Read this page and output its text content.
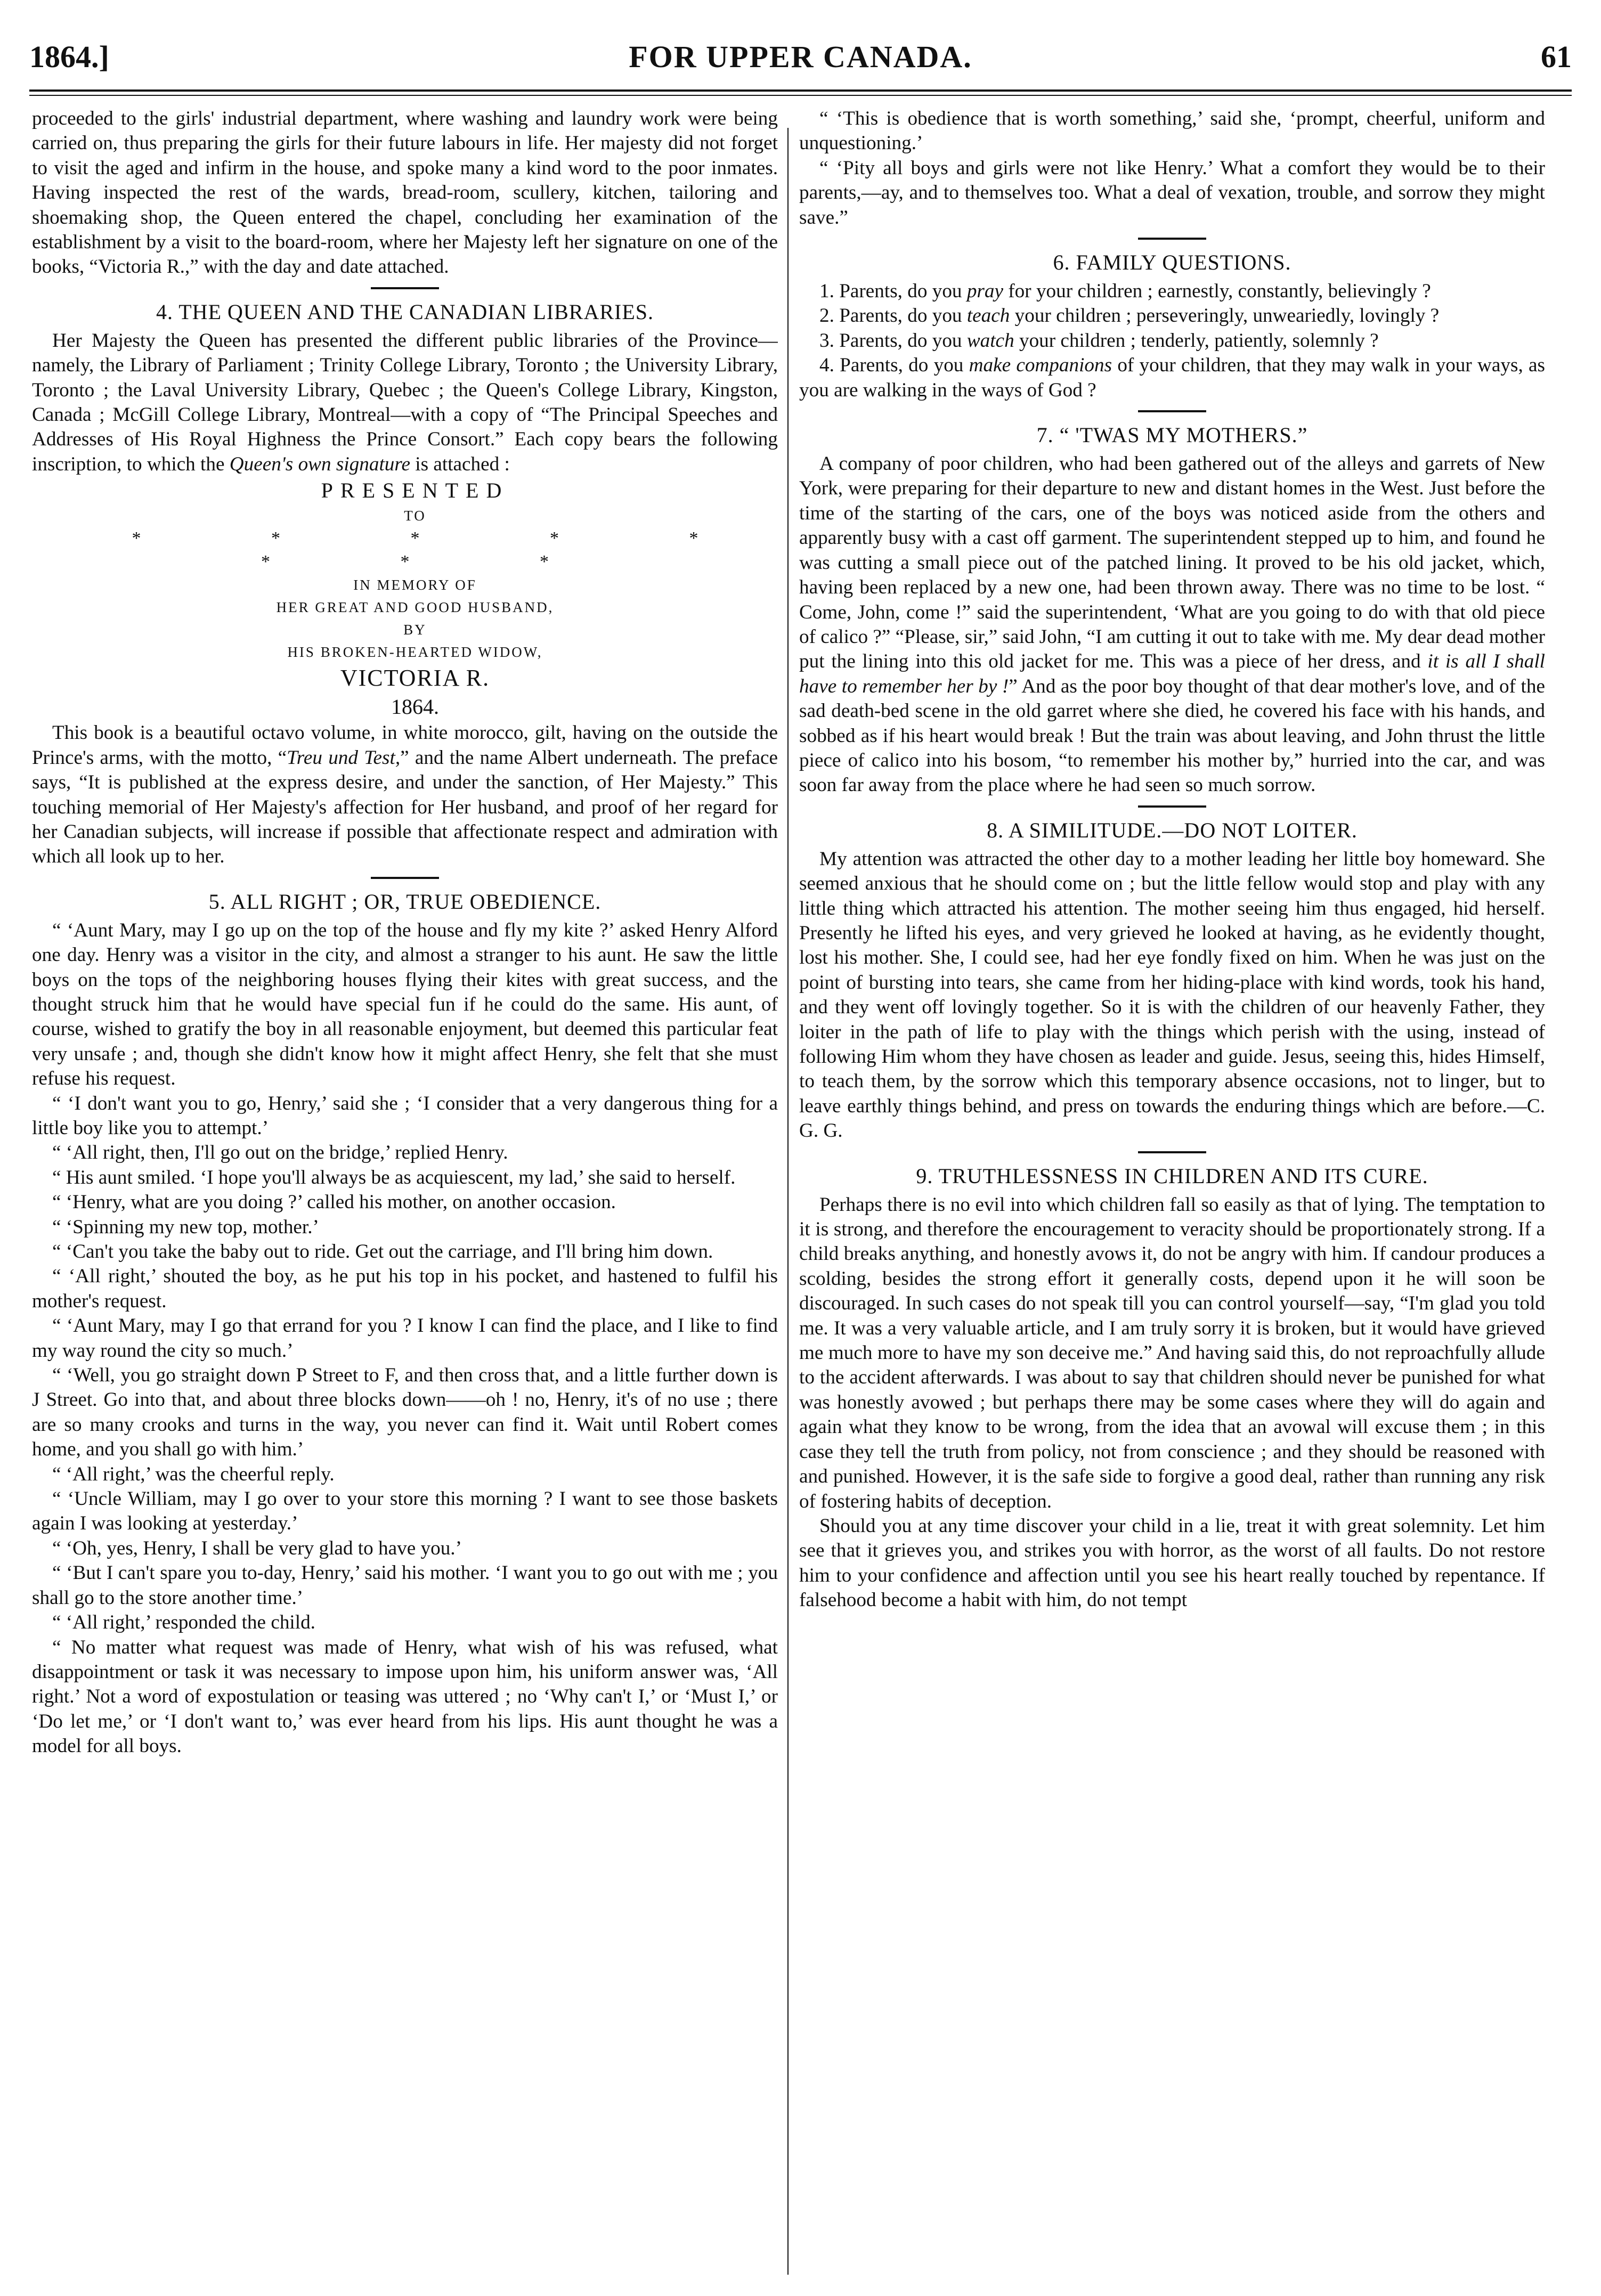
1864.]	FOR UPPER CANADA.	61

proceeded to the girls' industrial department, where washing and laundry work were being carried on, thus preparing the girls for their future labours in life. Her majesty did not forget to visit the aged and infirm in the house, and spoke many a kind word to the poor inmates. Having inspected the rest of the wards, bread-room, scullery, kitchen, tailoring and shoemaking shop, the Queen entered the chapel, concluding her examination of the establishment by a visit to the board-room, where her Majesty left her signature on one of the books, “Victoria R.,” with the day and date attached.

4. THE QUEEN AND THE CANADIAN LIBRARIES.

Her Majesty the Queen has presented the different public libraries of the Province—namely, the Library of Parliament ; Trinity College Library, Toronto ; the University Library, Toronto ; the Laval University Library, Quebec ; the Queen's College Library, Kingston, Canada ; McGill College Library, Montreal—with a copy of “The Principal Speeches and Addresses of His Royal Highness the Prince Consort.” Each copy bears the following inscription, to which the Queen's own signature is attached :

PRESENTED

TO

* * * * * * * *

IN MEMORY OF

HER GREAT AND GOOD HUSBAND,

BY

HIS BROKEN-HEARTED WIDOW,

VICTORIA R.

1864.

This book is a beautiful octavo volume, in white morocco, gilt, having on the outside the Prince's arms, with the motto, “Treu und Test,” and the name Albert underneath. The preface says, “It is published at the express desire, and under the sanction, of Her Majesty.” This touching memorial of Her Majesty's affection for Her husband, and proof of her regard for her Canadian subjects, will increase if possible that affectionate respect and admiration with which all look up to her.

5. ALL RIGHT ; OR, TRUE OBEDIENCE.

“ ‘Aunt Mary, may I go up on the top of the house and fly my kite ?’ asked Henry Alford one day. Henry was a visitor in the city, and almost a stranger to his aunt. He saw the little boys on the tops of the neighboring houses flying their kites with great success, and the thought struck him that he would have special fun if he could do the same. His aunt, of course, wished to gratify the boy in all reasonable enjoyment, but deemed this particular feat very unsafe ; and, though she didn't know how it might affect Henry, she felt that she must refuse his request.

“ ‘I don't want you to go, Henry,’ said she ; ‘I consider that a very dangerous thing for a little boy like you to attempt.’

“ ‘All right, then, I'll go out on the bridge,’ replied Henry.

“ His aunt smiled. ‘I hope you'll always be as acquiescent, my lad,’ she said to herself.

“ ‘Henry, what are you doing ?’ called his mother, on another occasion.

“ ‘Spinning my new top, mother.’

“ ‘Can't you take the baby out to ride. Get out the carriage, and I'll bring him down.

“ ‘All right,’ shouted the boy, as he put his top in his pocket, and hastened to fulfil his mother's request.

“ ‘Aunt Mary, may I go that errand for you ? I know I can find the place, and I like to find my way round the city so much.’

“ ‘Well, you go straight down P Street to F, and then cross that, and a little further down is J Street. Go into that, and about three blocks down——oh ! no, Henry, it's of no use ; there are so many crooks and turns in the way, you never can find it. Wait until Robert comes home, and you shall go with him.’

“ ‘All right,’ was the cheerful reply.

“ ‘Uncle William, may I go over to your store this morning ? I want to see those baskets again I was looking at yesterday.’

“ ‘Oh, yes, Henry, I shall be very glad to have you.’

“ ‘But I can't spare you to-day, Henry,’ said his mother. ‘I want you to go out with me ; you shall go to the store another time.’

“ ‘All right,’ responded the child.

“ No matter what request was made of Henry, what wish of his was refused, what disappointment or task it was necessary to impose upon him, his uniform answer was, ‘All right.’ Not a word of expostulation or teasing was uttered ; no ‘Why can't I,’ or ‘Must I,’ or ‘Do let me,’ or ‘I don't want to,’ was ever heard from his lips. His aunt thought he was a model for all boys.

“ ‘This is obedience that is worth something,’ said she, ‘prompt, cheerful, uniform and unquestioning.’

“ ‘Pity all boys and girls were not like Henry.’ What a comfort they would be to their parents,—ay, and to themselves too. What a deal of vexation, trouble, and sorrow they might save.”

6. FAMILY QUESTIONS.

1. Parents, do you pray for your children ; earnestly, constantly, believingly ?

2. Parents, do you teach your children ; perseveringly, unweariedly, lovingly ?

3. Parents, do you watch your children ; tenderly, patiently, solemnly ?

4. Parents, do you make companions of your children, that they may walk in your ways, as you are walking in the ways of God ?

7. “ 'TWAS MY MOTHERS.”

A company of poor children, who had been gathered out of the alleys and garrets of New York, were preparing for their departure to new and distant homes in the West. Just before the time of the starting of the cars, one of the boys was noticed aside from the others and apparently busy with a cast off garment. The superintendent stepped up to him, and found he was cutting a small piece out of the patched lining. It proved to be his old jacket, which, having been replaced by a new one, had been thrown away. There was no time to be lost. “ Come, John, come !” said the superintendent, ‘What are you going to do with that old piece of calico ?” “Please, sir,” said John, “I am cutting it out to take with me. My dear dead mother put the lining into this old jacket for me. This was a piece of her dress, and it is all I shall have to remember her by !” And as the poor boy thought of that dear mother's love, and of the sad death-bed scene in the old garret where she died, he covered his face with his hands, and sobbed as if his heart would break ! But the train was about leaving, and John thrust the little piece of calico into his bosom, “to remember his mother by,” hurried into the car, and was soon far away from the place where he had seen so much sorrow.

8. A SIMILITUDE.—DO NOT LOITER.

My attention was attracted the other day to a mother leading her little boy homeward. She seemed anxious that he should come on ; but the little fellow would stop and play with any little thing which attracted his attention. The mother seeing him thus engaged, hid herself. Presently he lifted his eyes, and very grieved he looked at having, as he evidently thought, lost his mother. She, I could see, had her eye fondly fixed on him. When he was just on the point of bursting into tears, she came from her hiding-place with kind words, took his hand, and they went off lovingly together. So it is with the children of our heavenly Father, they loiter in the path of life to play with the things which perish with the using, instead of following Him whom they have chosen as leader and guide. Jesus, seeing this, hides Himself, to teach them, by the sorrow which this temporary absence occasions, not to linger, but to leave earthly things behind, and press on towards the enduring things which are before.—C. G. G.

9. TRUTHLESSNESS IN CHILDREN AND ITS CURE.

Perhaps there is no evil into which children fall so easily as that of lying. The temptation to it is strong, and therefore the encouragement to veracity should be proportionately strong. If a child breaks anything, and honestly avows it, do not be angry with him. If candour produces a scolding, besides the strong effort it generally costs, depend upon it he will soon be discouraged. In such cases do not speak till you can control yourself—say, “I'm glad you told me. It was a very valuable article, and I am truly sorry it is broken, but it would have grieved me much more to have my son deceive me.” And having said this, do not reproachfully allude to the accident afterwards. I was about to say that children should never be punished for what was honestly avowed ; but perhaps there may be some cases where they will do again and again what they know to be wrong, from the idea that an avowal will excuse them ; in this case they tell the truth from policy, not from conscience ; and they should be reasoned with and punished. However, it is the safe side to forgive a good deal, rather than running any risk of fostering habits of deception.

Should you at any time discover your child in a lie, treat it with great solemnity. Let him see that it grieves you, and strikes you with horror, as the worst of all faults. Do not restore him to your confidence and affection until you see his heart really touched by repentance. If falsehood become a habit with him, do not tempt
